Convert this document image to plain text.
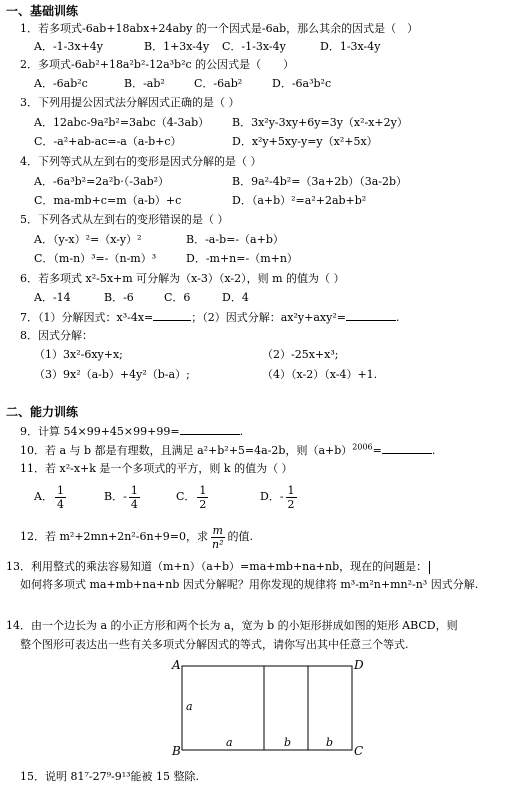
一、基础训练
1．若多项式-6ab+18abx+24aby 的一个因式是-6ab，那么其余的因式是（　）
A．-1-3x+4y	B．1+3x-4y C．-1-3x-4y	D．1-3x-4y
2．多项式-6ab²+18a²b²-12a³b²c 的公因式是（　　）
A．-6ab²c	B．-ab²	C．-6ab²	D．-6a³b²c
3．下列用提公因式法分解因式正确的是（ ）
A．12abc-9a²b²=3abc（4-3ab） B．3x²y-3xy+6y=3y（x²-x+2y）
C．-a²+ab-ac=-a（a-b+c）	D．x²y+5xy-y=y（x²+5x）
4．下列等式从左到右的变形是因式分解的是（ ）
A．-6a³b²=2a²b·（-3ab²）	B．9a²-4b²=（3a+2b）（3a-2b）
C．ma-mb+c=m（a-b）+c	D．（a+b）²=a²+2ab+b²
5．下列各式从左到右的变形错误的是（ ）
A．（y-x）²=（x-y）²	B．-a-b=-（a+b）
C．（m-n）³=-（n-m）³	D．-m+n=-（m+n）
6．若多项式 x²-5x+m 可分解为（x-3）（x-2），则 m 的值为（ ）
A．-14	B．-6	C．6	D．4
7．（1）分解因式：x³-4x=	；（2）因式分解：ax²y+axy²=	.
8．因式分解：
（1）3x²-6xy+x;	（2）-25x+x³;
（3）9x²（a-b）+4y²（b-a）;	（4）（x-2）（x-4）+1.
二、能力训练
9．计算 54×99+45×99+99=	.
10．若 a 与 b 都是有理数，且满足 a²+b²+5=4a-2b，则$(a+b)^{2006}=$	.
11．若 x²-x+k 是一个多项式的平方，则 k 的值为（ ）
A． $\frac{1}{4}$	B．- $\frac{1}{4}$	C． $\frac{1}{2}$	D．- $\frac{1}{2}$
12．若 m²+2mn+2n²-6n+9=0，求 $\frac{m}{\text{n²}}$ 的值.
13．利用整式的乘法容易知道（m+n）（a+b）=ma+mb+na+nb，现在的问题是：
如何将多项式 ma+mb+na+nb 因式分解呢？用你发现的规律将 m³-m²n+mn²-n³ 因式分解.
14．由一个边长为 a 的小正方形和两个长为 a，宽为 b 的小矩形拼成如图的矩形 ABCD，则
整个图形可表达出一些有关多项式分解因式的等式，请你写出其中任意三个等式.
A	D
B	C
a
a	b	b
15．说明 81⁷-27⁹-9¹³能被 15 整除.
